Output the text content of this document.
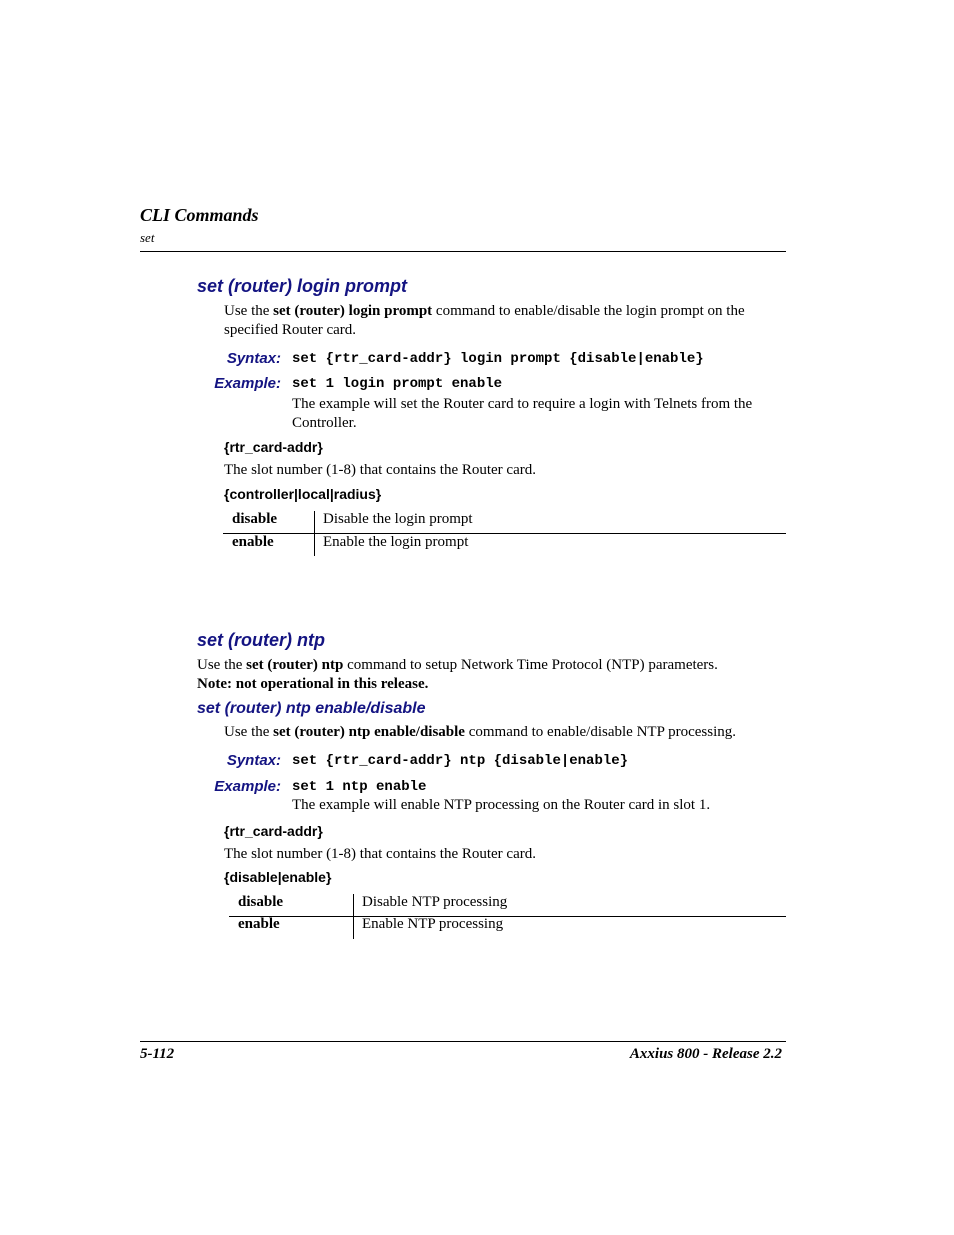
CLI Commands
set
set (router) login prompt
Use the set (router) login prompt command to enable/disable the login prompt on the
specified Router card.
Syntax: set {rtr_card-addr} login prompt {disable|enable}
Example: set 1 login prompt enable
The example will set the Router card to require a login with Telnets from the
Controller.
{rtr_card-addr}
The slot number (1-8) that contains the Router card.
{controller|local|radius}
disable	Disable the login prompt
enable	Enable the login prompt
set (router) ntp
Use the set (router) ntp command to setup Network Time Protocol (NTP) parameters.
Note: not operational in this release.
set (router) ntp enable/disable
Use the set (router) ntp enable/disable command to enable/disable NTP processing.
Syntax: set {rtr_card-addr} ntp {disable|enable}
Example: set 1 ntp enable
The example will enable NTP processing on the Router card in slot 1.
{rtr_card-addr}
The slot number (1-8) that contains the Router card.
{disable|enable}
disable	Disable NTP processing
enable	Enable NTP processing
5-112	Axxius 800 - Release 2.2
